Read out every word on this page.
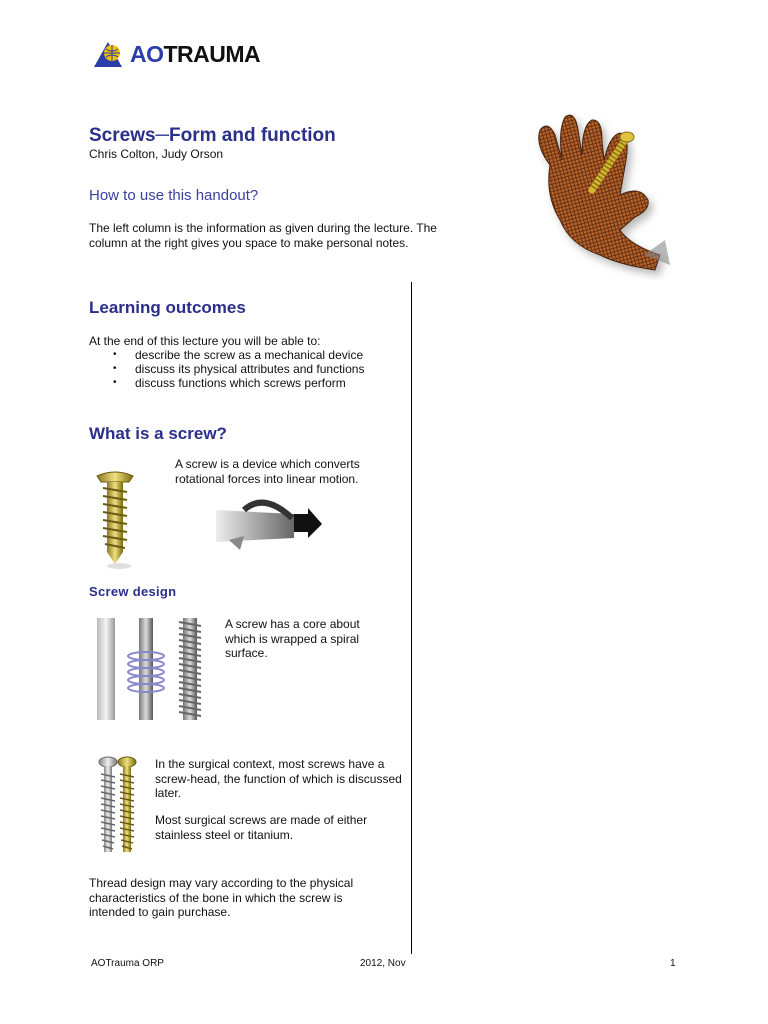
AOTRAUMA
Screws─Form and function
Chris Colton, Judy Orson
How to use this handout?
The left column is the information as given during the lecture. The column at the right gives you space to make personal notes.
Learning outcomes
At the end of this lecture you will be able to:
• describe the screw as a mechanical device
• discuss its physical attributes and functions
• discuss functions which screws perform
What is a screw?
A screw is a device which converts rotational forces into linear motion.
Screw design
A screw has a core about which is wrapped a spiral surface.
In the surgical context, most screws have a screw-head, the function of which is discussed later.
Most surgical screws are made of either stainless steel or titanium.
Thread design may vary according to the physical characteristics of the bone in which the screw is intended to gain purchase.
AOTrauma ORP	2012, Nov	1
